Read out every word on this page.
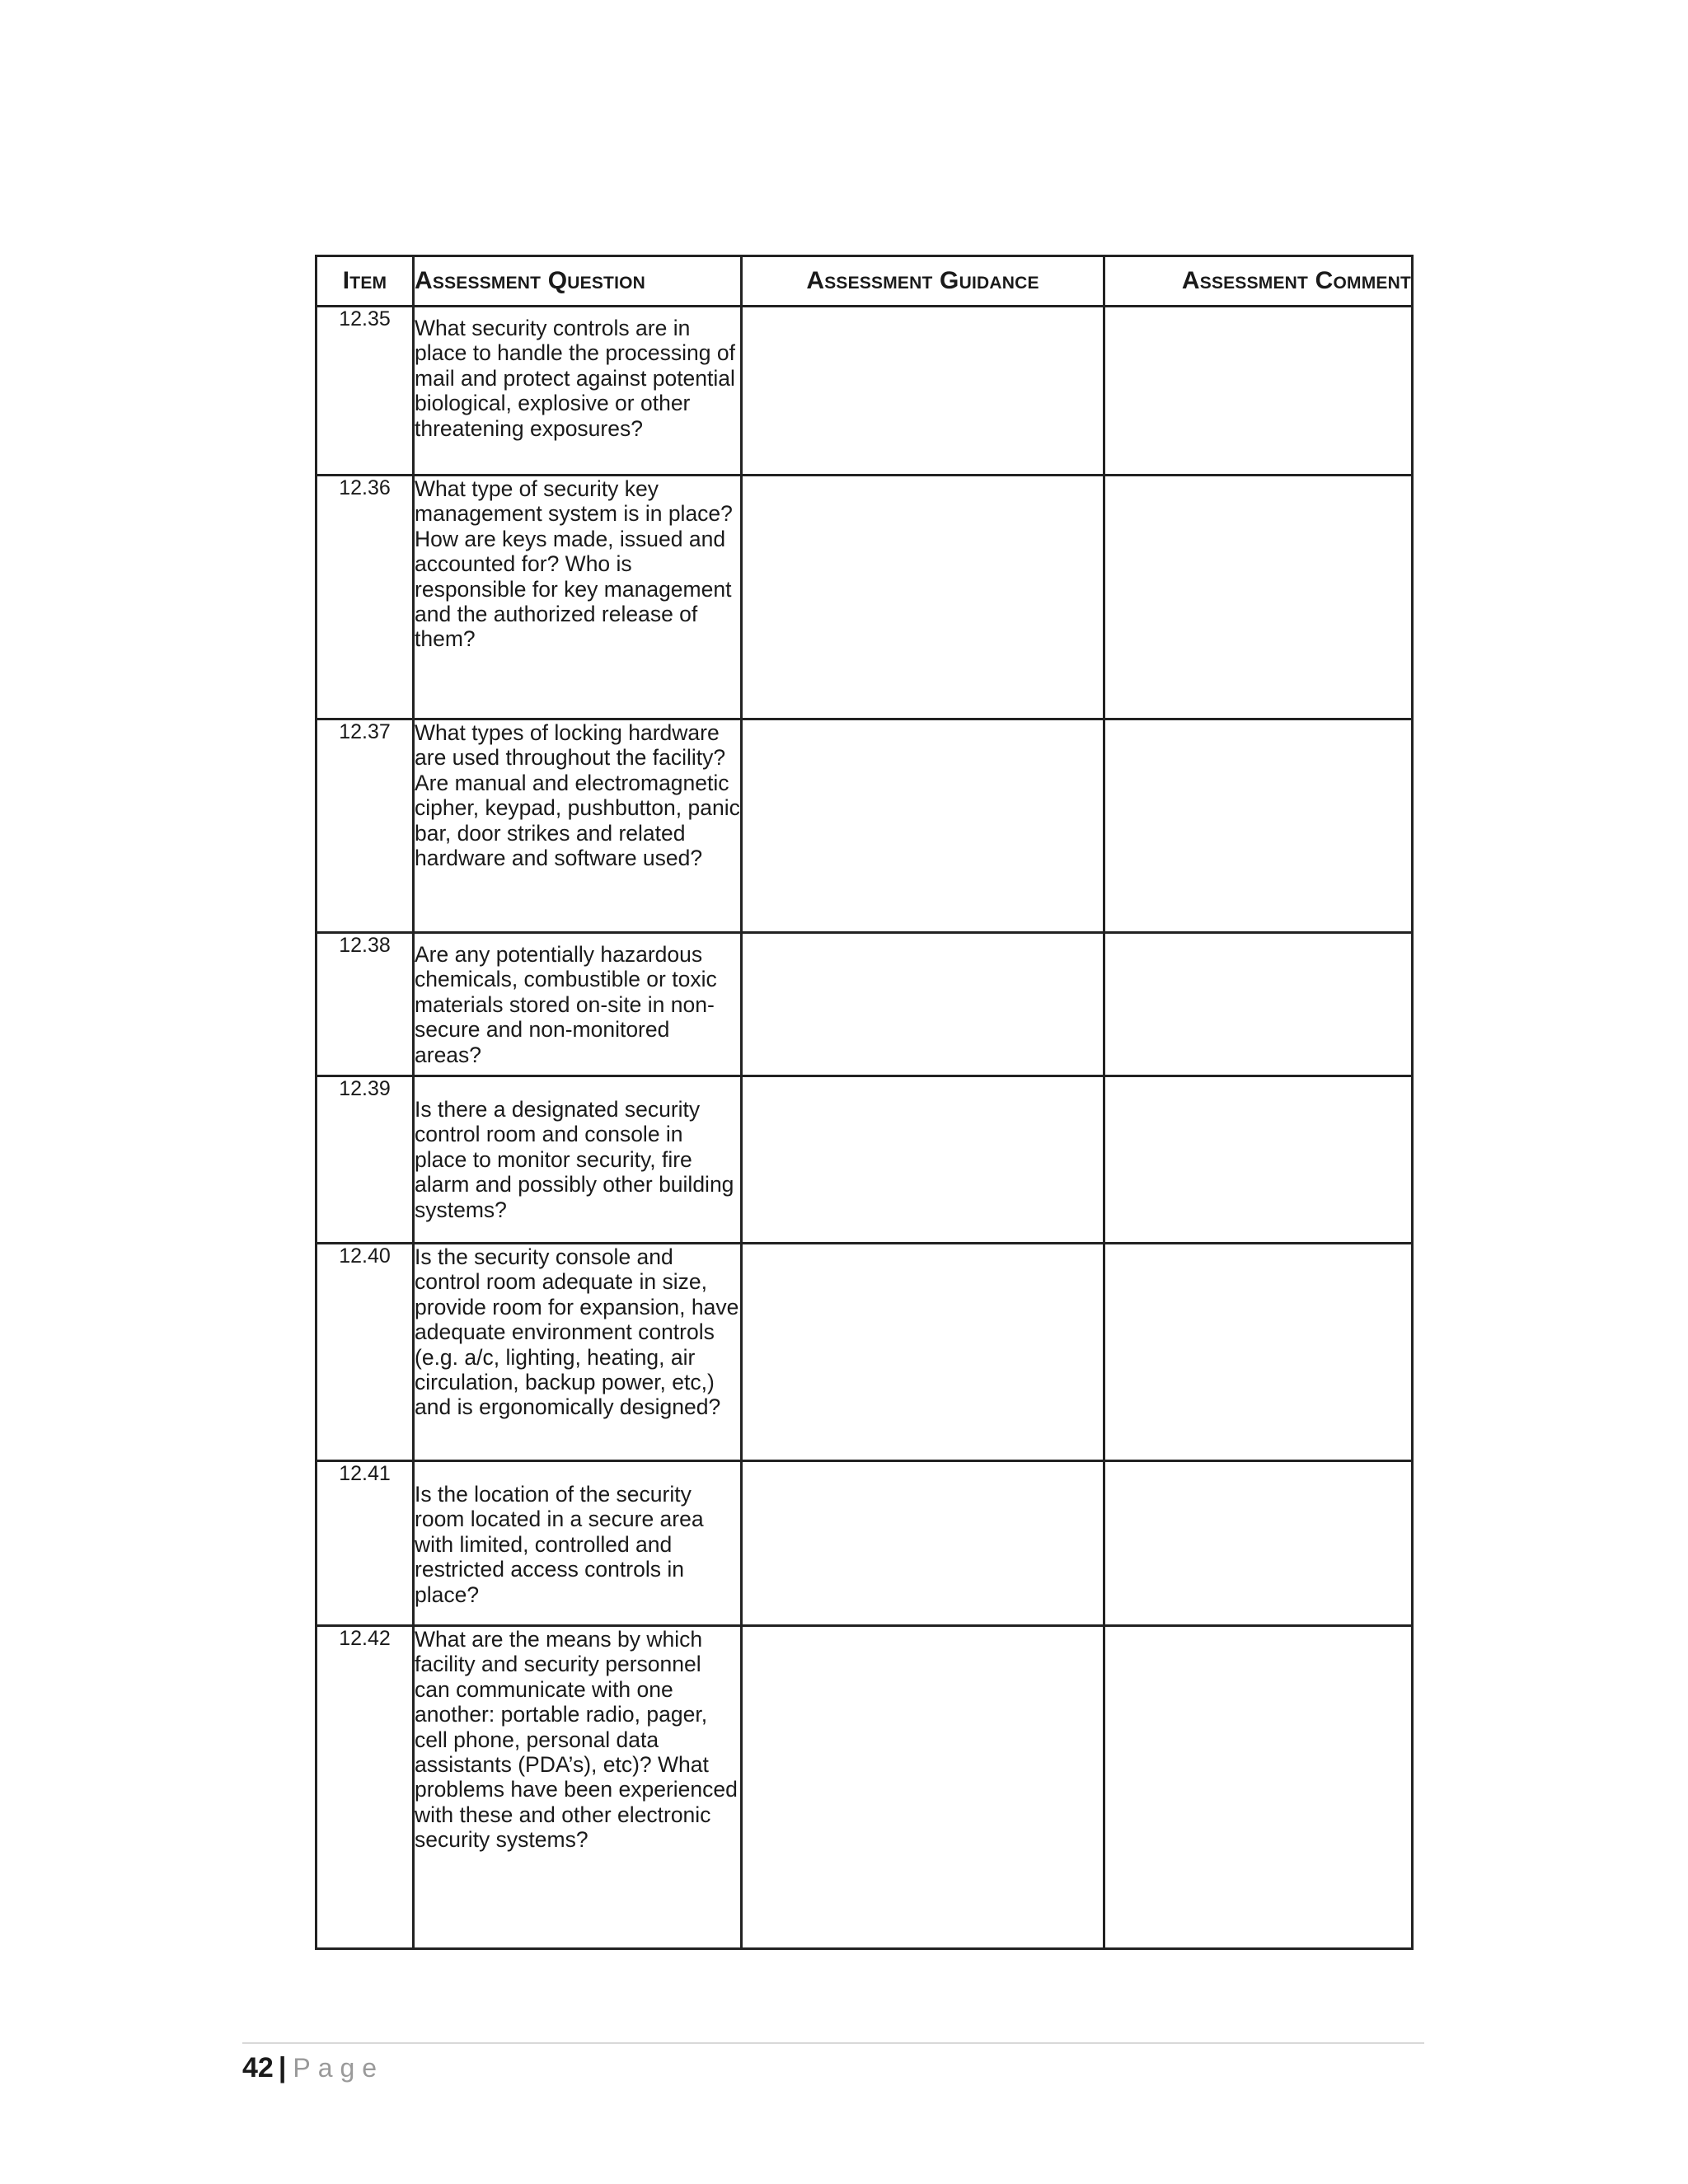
Item	Assessment Question	Assessment Guidance	Assessment Comment
12.35	What security controls are in place to handle the processing of mail and protect against potential biological, explosive or other threatening exposures?		

12.36	What type of security key management system is in place? How are keys made, issued and accounted for? Who is responsible for key management and the authorized release of them?		

12.37	What types of locking hardware are used throughout the facility? Are manual and electromagnetic cipher, keypad, pushbutton, panic bar, door strikes and related hardware and software used?		

12.38	Are any potentially hazardous chemicals, combustible or toxic materials stored on-site in non-secure and non-monitored areas?		

12.39	Is there a designated security control room and console in place to monitor security, fire alarm and possibly other building systems?		

12.40	Is the security console and control room adequate in size, provide room for expansion, have adequate environment controls (e.g. a/c, lighting, heating, air circulation, backup power, etc,) and is ergonomically designed?		

12.41	Is the location of the security room located in a secure area with limited, controlled and restricted access controls in place?		

12.42	What are the means by which facility and security personnel can communicate with one another: portable radio, pager, cell phone, personal data assistants (PDA’s), etc)? What problems have been experienced with these and other electronic security systems?		

42 | Page
